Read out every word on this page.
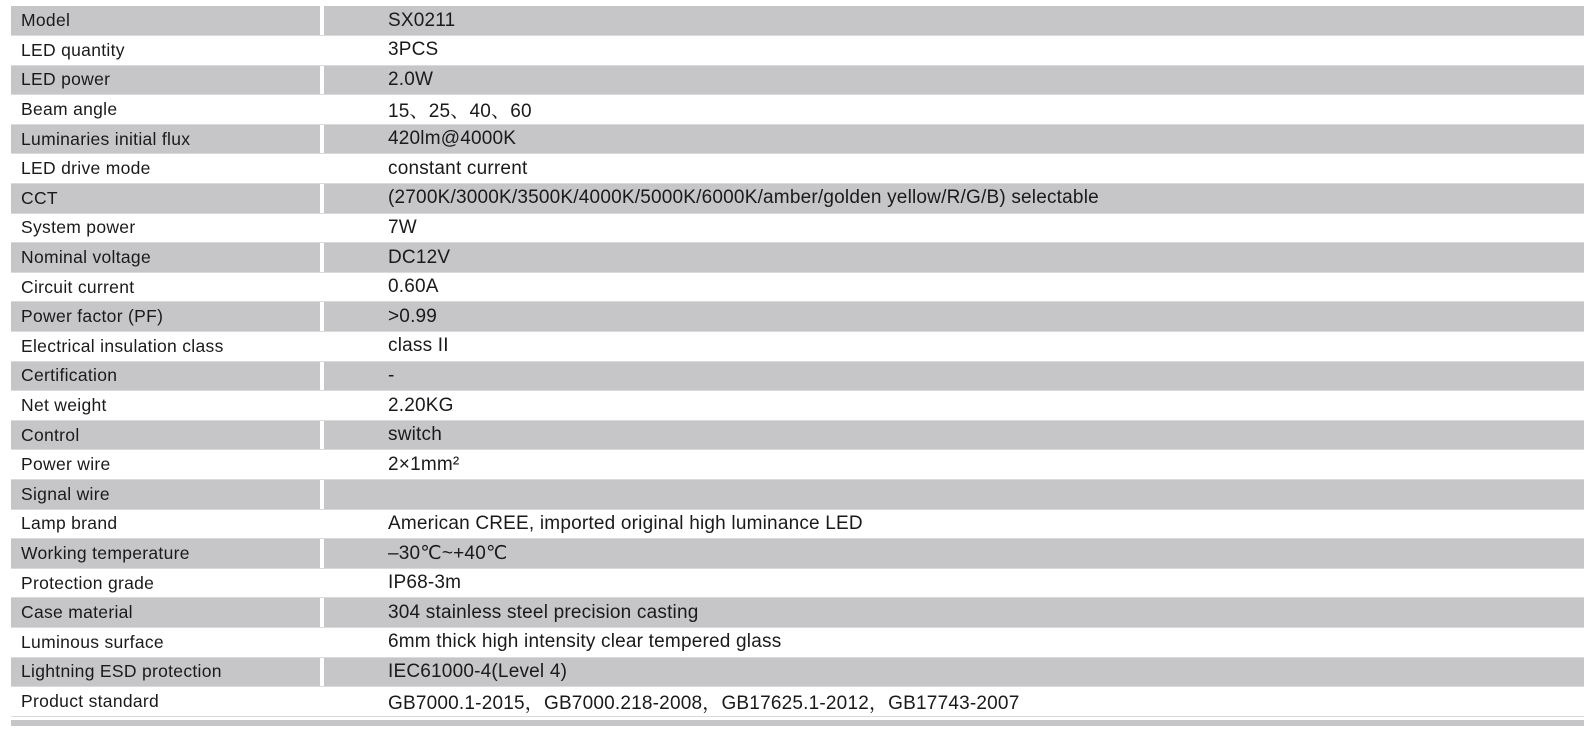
Model		SX0211
LED quantity		3PCS
LED power		2.0W
Beam angle		15、25、40、60
Luminaries initial flux		420lm@4000K
LED drive mode		constant current
CCT		(2700K/3000K/3500K/4000K/5000K/6000K/amber/golden yellow/R/G/B) selectable
System power		7W
Nominal voltage		DC12V
Circuit current		0.60A
Power factor (PF)		>0.99
Electrical insulation class		class II
Certification		-
Net weight		2.20KG
Control		switch
Power wire		2×1mm²
Signal wire		
Lamp brand		American CREE, imported original high luminance LED
Working temperature		–30℃~+40℃
Protection grade		IP68-3m
Case material		304 stainless steel precision casting
Luminous surface		6mm thick high intensity clear tempered glass
Lightning ESD protection		IEC61000-4(Level 4)
Product standard		GB7000.1-2015，GB7000.218-2008，GB17625.1-2012，GB17743-2007
